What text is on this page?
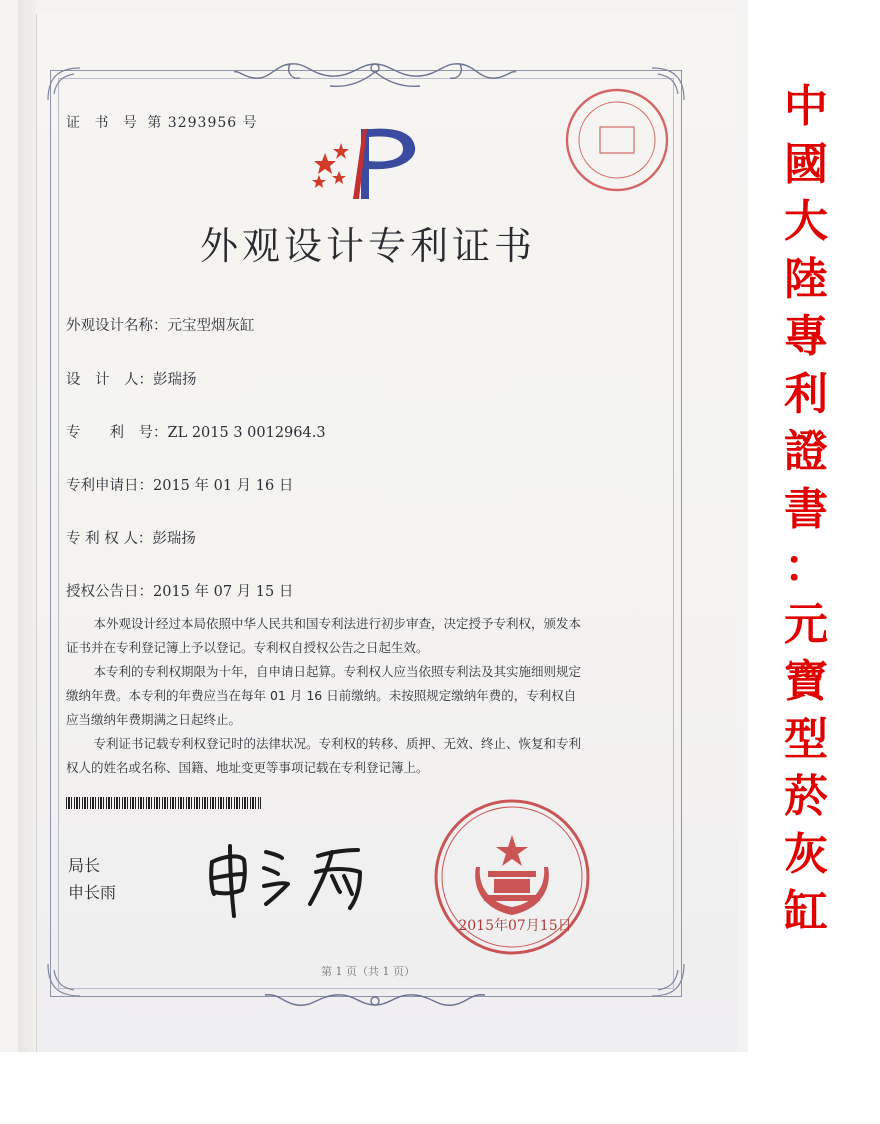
证 书 号 第 3293956 号
外观设计专利证书
外观设计名称：元宝型烟灰缸
设　计　人：彭瑞扬
专　　利　号：ZL 2015 3 0012964.3
专利申请日：2015 年 01 月 16 日
专 利 权 人：彭瑞扬
授权公告日：2015 年 07 月 15 日

本外观设计经过本局依照中华人民共和国专利法进行初步审查，决定授予专利权，颁发本证书并在专利登记簿上予以登记。专利权自授权公告之日起生效。

本专利的专利权期限为十年，自申请日起算。专利权人应当依照专利法及其实施细则规定缴纳年费。本专利的年费应当在每年 01 月 16 日前缴纳。未按照规定缴纳年费的，专利权自应当缴纳年费期满之日起终止。

专利证书记载专利权登记时的法律状况。专利权的转移、质押、无效、终止、恢复和专利权人的姓名或名称、国籍、地址变更等事项记载在专利登记簿上。

局长
申长雨
2015年07月15日
第 1 页（共 1 页）
中
國
大
陸
專
利
證
書
：
元
寶
型
菸
灰
缸
